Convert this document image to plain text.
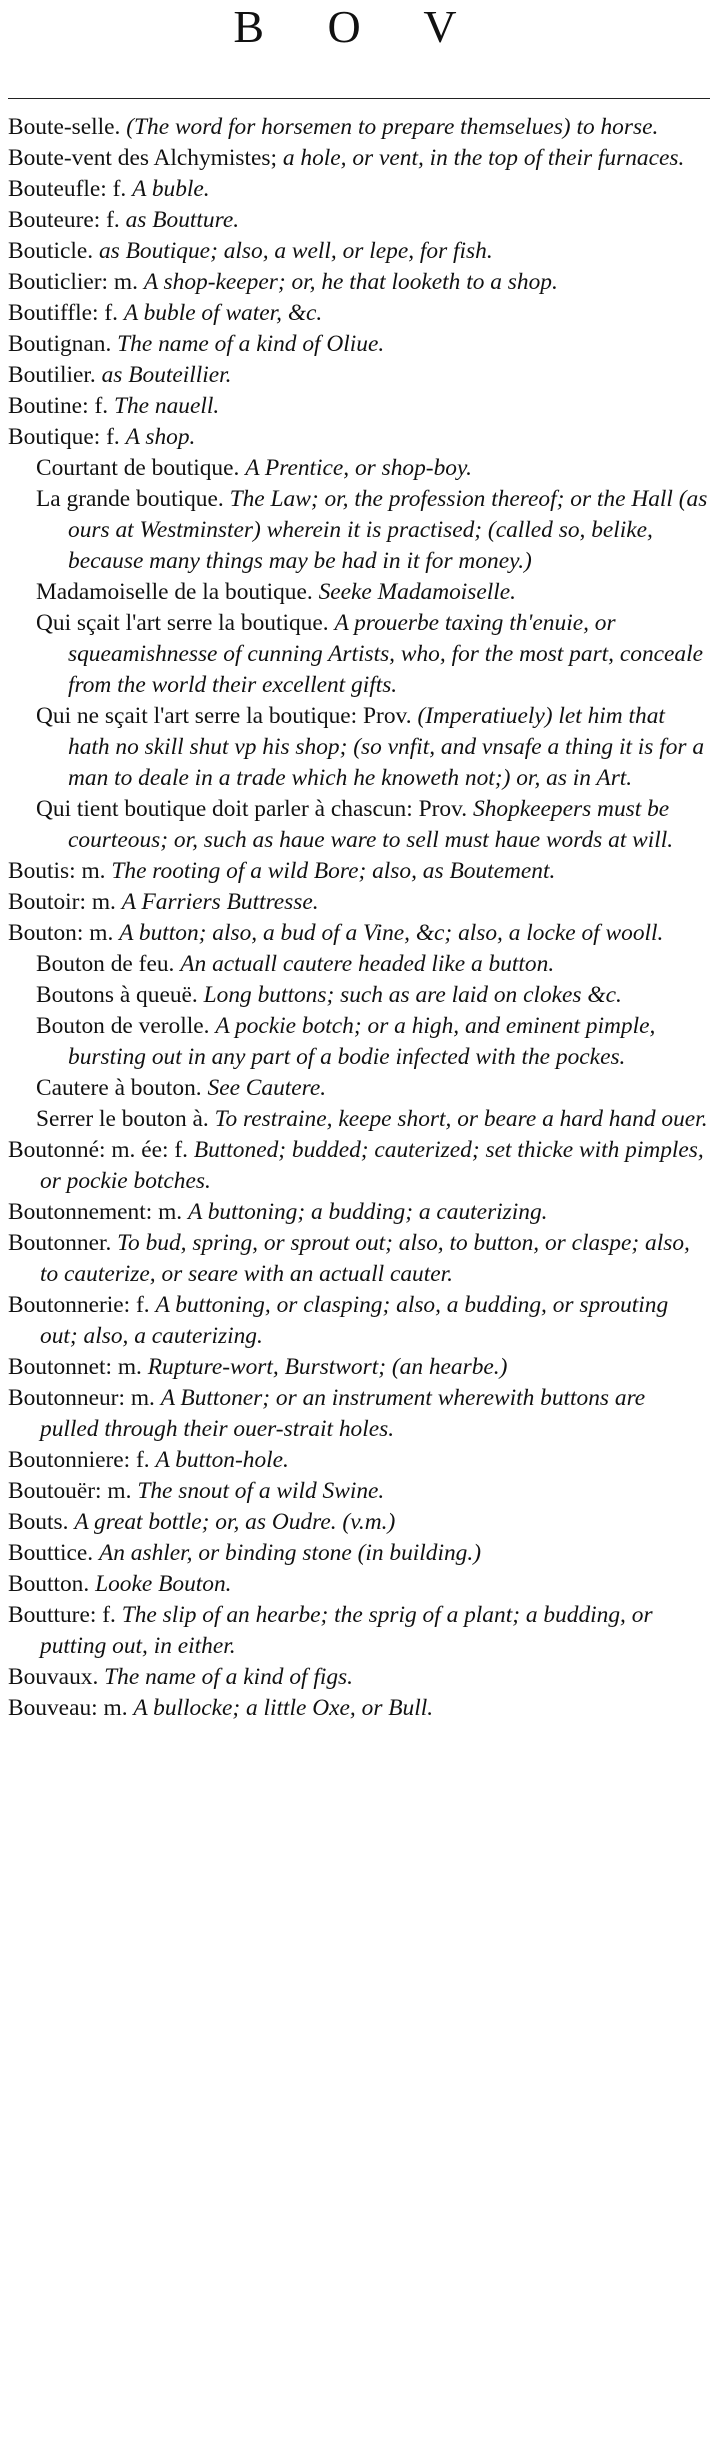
B O V

Boute-selle. (The word for horsemen to prepare themselues) to horse.

Boute-vent des Alchymistes; a hole, or vent, in the top of their furnaces.

Bouteufle: f. A buble.

Bouteure: f. as Boutture.

Bouticle. as Boutique; also, a well, or lepe, for fish.

Bouticlier: m. A shop-keeper; or, he that looketh to a shop.

Boutiffle: f. A buble of water, &c.

Boutignan. The name of a kind of Oliue.

Boutilier. as Bouteillier.

Boutine: f. The nauell.

Boutique: f. A shop.

Courtant de boutique. A Prentice, or shop-boy.

La grande boutique. The Law; or, the profession thereof; or the Hall (as ours at Westminster) wherein it is practised; (called so, belike, because many things may be had in it for money.)

Madamoiselle de la boutique. Seeke Madamoiselle.

Qui sçait l'art serre la boutique. A prouerbe taxing th'enuie, or squeamishnesse of cunning Artists, who, for the most part, conceale from the world their excellent gifts.

Qui ne sçait l'art serre la boutique: Prov. (Imperatiuely) let him that hath no skill shut vp his shop; (so vnfit, and vnsafe a thing it is for a man to deale in a trade which he knoweth not;) or, as in Art.

Qui tient boutique doit parler à chascun: Prov. Shopkeepers must be courteous; or, such as haue ware to sell must haue words at will.

Boutis: m. The rooting of a wild Bore; also, as Boutement.

Boutoir: m. A Farriers Buttresse.

Bouton: m. A button; also, a bud of a Vine, &c; also, a locke of wooll.

Bouton de feu. An actuall cautere headed like a button.

Boutons à queuë. Long buttons; such as are laid on clokes &c.

Bouton de verolle. A pockie botch; or a high, and eminent pimple, bursting out in any part of a bodie infected with the pockes.

Cautere à bouton. See Cautere.

Serrer le bouton à. To restraine, keepe short, or beare a hard hand ouer.

Boutonné: m. ée: f. Buttoned; budded; cauterized; set thicke with pimples, or pockie botches.

Boutonnement: m. A buttoning; a budding; a cauterizing.

Boutonner. To bud, spring, or sprout out; also, to button, or claspe; also, to cauterize, or seare with an actuall cauter.

Boutonnerie: f. A buttoning, or clasping; also, a budding, or sprouting out; also, a cauterizing.

Boutonnet: m. Rupture-wort, Burstwort; (an hearbe.)

Boutonneur: m. A Buttoner; or an instrument wherewith buttons are pulled through their ouer-strait holes.

Boutonniere: f. A button-hole.

Boutouër: m. The snout of a wild Swine.

Bouts. A great bottle; or, as Oudre. (v.m.)

Bouttice. An ashler, or binding stone (in building.)

Boutton. Looke Bouton.

Boutture: f. The slip of an hearbe; the sprig of a plant; a budding, or putting out, in either.

Bouvaux. The name of a kind of figs.

Bouveau: m. A bullocke; a little Oxe, or Bull.
